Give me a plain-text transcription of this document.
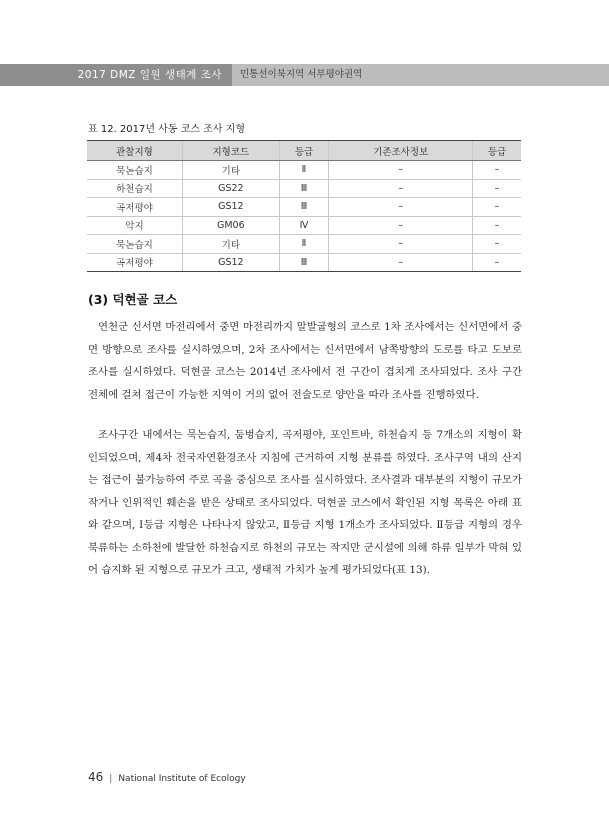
2017 DMZ 일원 생태계 조사	민통선이북지역 서부평야권역
표 12. 2017년 사동 코스 조사 지형
관찰지형	지형코드	등급	기존조사정보	등급
묵논습지	기타	Ⅱ	–	–
하천습지	GS22	Ⅲ	–	–
곡저평야	GS12	Ⅲ	–	–
악지	GM06	Ⅳ	–	–
묵논습지	기타	Ⅱ	–	–
곡저평야	GS12	Ⅲ	–	–
(3) 덕현골 코스

연천군 신서면 마전리에서 중면 마전리까지 말발굽형의 코스로 1차 조사에서는 신서면에서 중면 방향으로 조사를 실시하였으며, 2차 조사에서는 신서면에서 남쪽방향의 도로를 타고 도보로 조사를 실시하였다. 덕현골 코스는 2014년 조사에서 전 구간이 겹치게 조사되었다. 조사 구간 전체에 걸쳐 접근이 가능한 지역이 거의 없어 전술도로 양안을 따라 조사를 진행하였다.

조사구간 내에서는 묵논습지, 둠벙습지, 곡저평야, 포인트바, 하천습지 등 7개소의 지형이 확인되었으며, 제4차 전국자연환경조사 지침에 근거하여 지형 분류를 하였다. 조사구역 내의 산지는 접근이 불가능하여 주로 곡을 중심으로 조사를 실시하였다. 조사결과 대부분의 지형이 규모가 작거나 인위적인 훼손을 받은 상태로 조사되었다. 덕현골 코스에서 확인된 지형 목록은 아래 표와 같으며, Ⅰ등급 지형은 나타나지 않았고, Ⅱ등급 지형 1개소가 조사되었다. Ⅱ등급 지형의 경우 북류하는 소하천에 발달한 하천습지로 하천의 규모는 작지만 군시설에 의해 하류 일부가 막혀 있어 습지화 된 지형으로 규모가 크고, 생태적 가치가 높게 평가되었다(표 13).

46 | National Institute of Ecology
